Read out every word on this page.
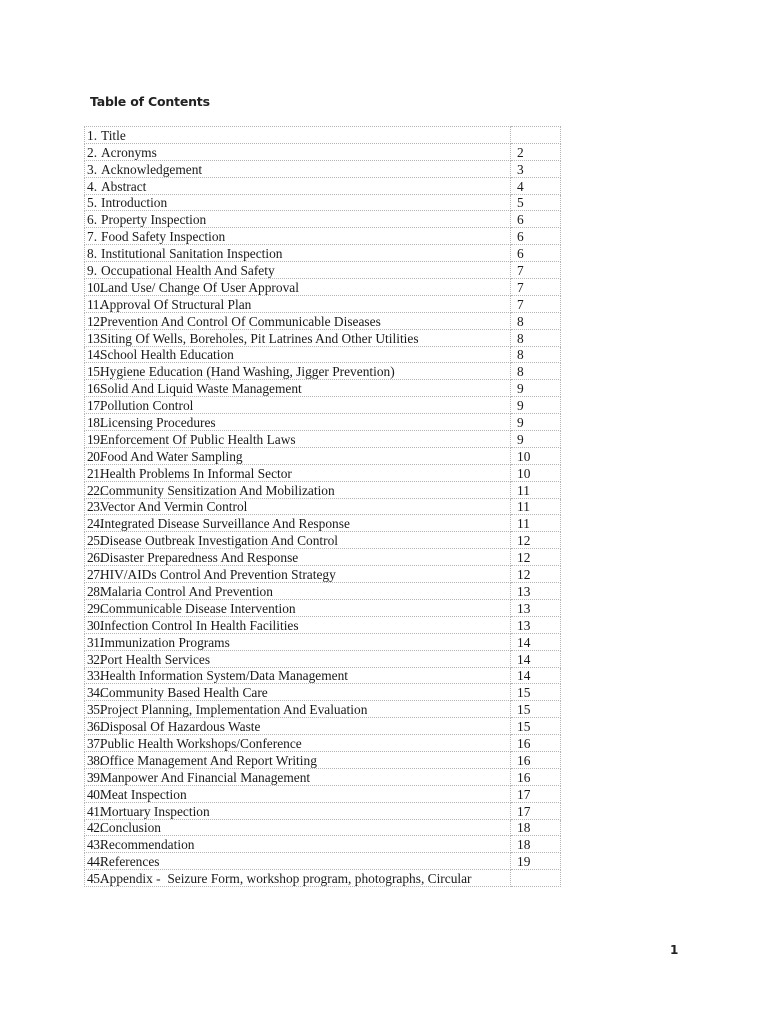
Table of Contents
1. Title	
2. Acronyms	2
3. Acknowledgement	3
4. Abstract	4
5. Introduction	5
6. Property Inspection	6
7. Food Safety Inspection	6
8. Institutional Sanitation Inspection	6
9. Occupational Health And Safety	7
10.Land Use/ Change Of User Approval	7
11.Approval Of Structural Plan	7
12.Prevention And Control Of Communicable Diseases	8
13.Siting Of Wells, Boreholes, Pit Latrines And Other Utilities	8
14.School Health Education	8
15.Hygiene Education (Hand Washing, Jigger Prevention)	8
16.Solid And Liquid Waste Management	9
17.Pollution Control	9
18.Licensing Procedures	9
19.Enforcement Of Public Health Laws	9
20.Food And Water Sampling	10
21.Health Problems In Informal Sector	10
22.Community Sensitization And Mobilization	11
23.Vector And Vermin Control	11
24.Integrated Disease Surveillance And Response	11
25.Disease Outbreak Investigation And Control	12
26.Disaster Preparedness And Response	12
27.HIV/AIDs Control And Prevention Strategy	12
28.Malaria Control And Prevention	13
29.Communicable Disease Intervention	13
30.Infection Control In Health Facilities	13
31.Immunization Programs	14
32.Port Health Services	14
33.Health Information System/Data Management	14
34.Community Based Health Care	15
35.Project Planning, Implementation And Evaluation	15
36.Disposal Of Hazardous Waste	15
37.Public Health Workshops/Conference	16
38.Office Management And Report Writing	16
39.Manpower And Financial Management	16
40.Meat Inspection	17
41.Mortuary Inspection	17
42.Conclusion	18
43.Recommendation	18
44.References	19
45.Appendix -  Seizure Form, workshop program, photographs, Circular	
1
